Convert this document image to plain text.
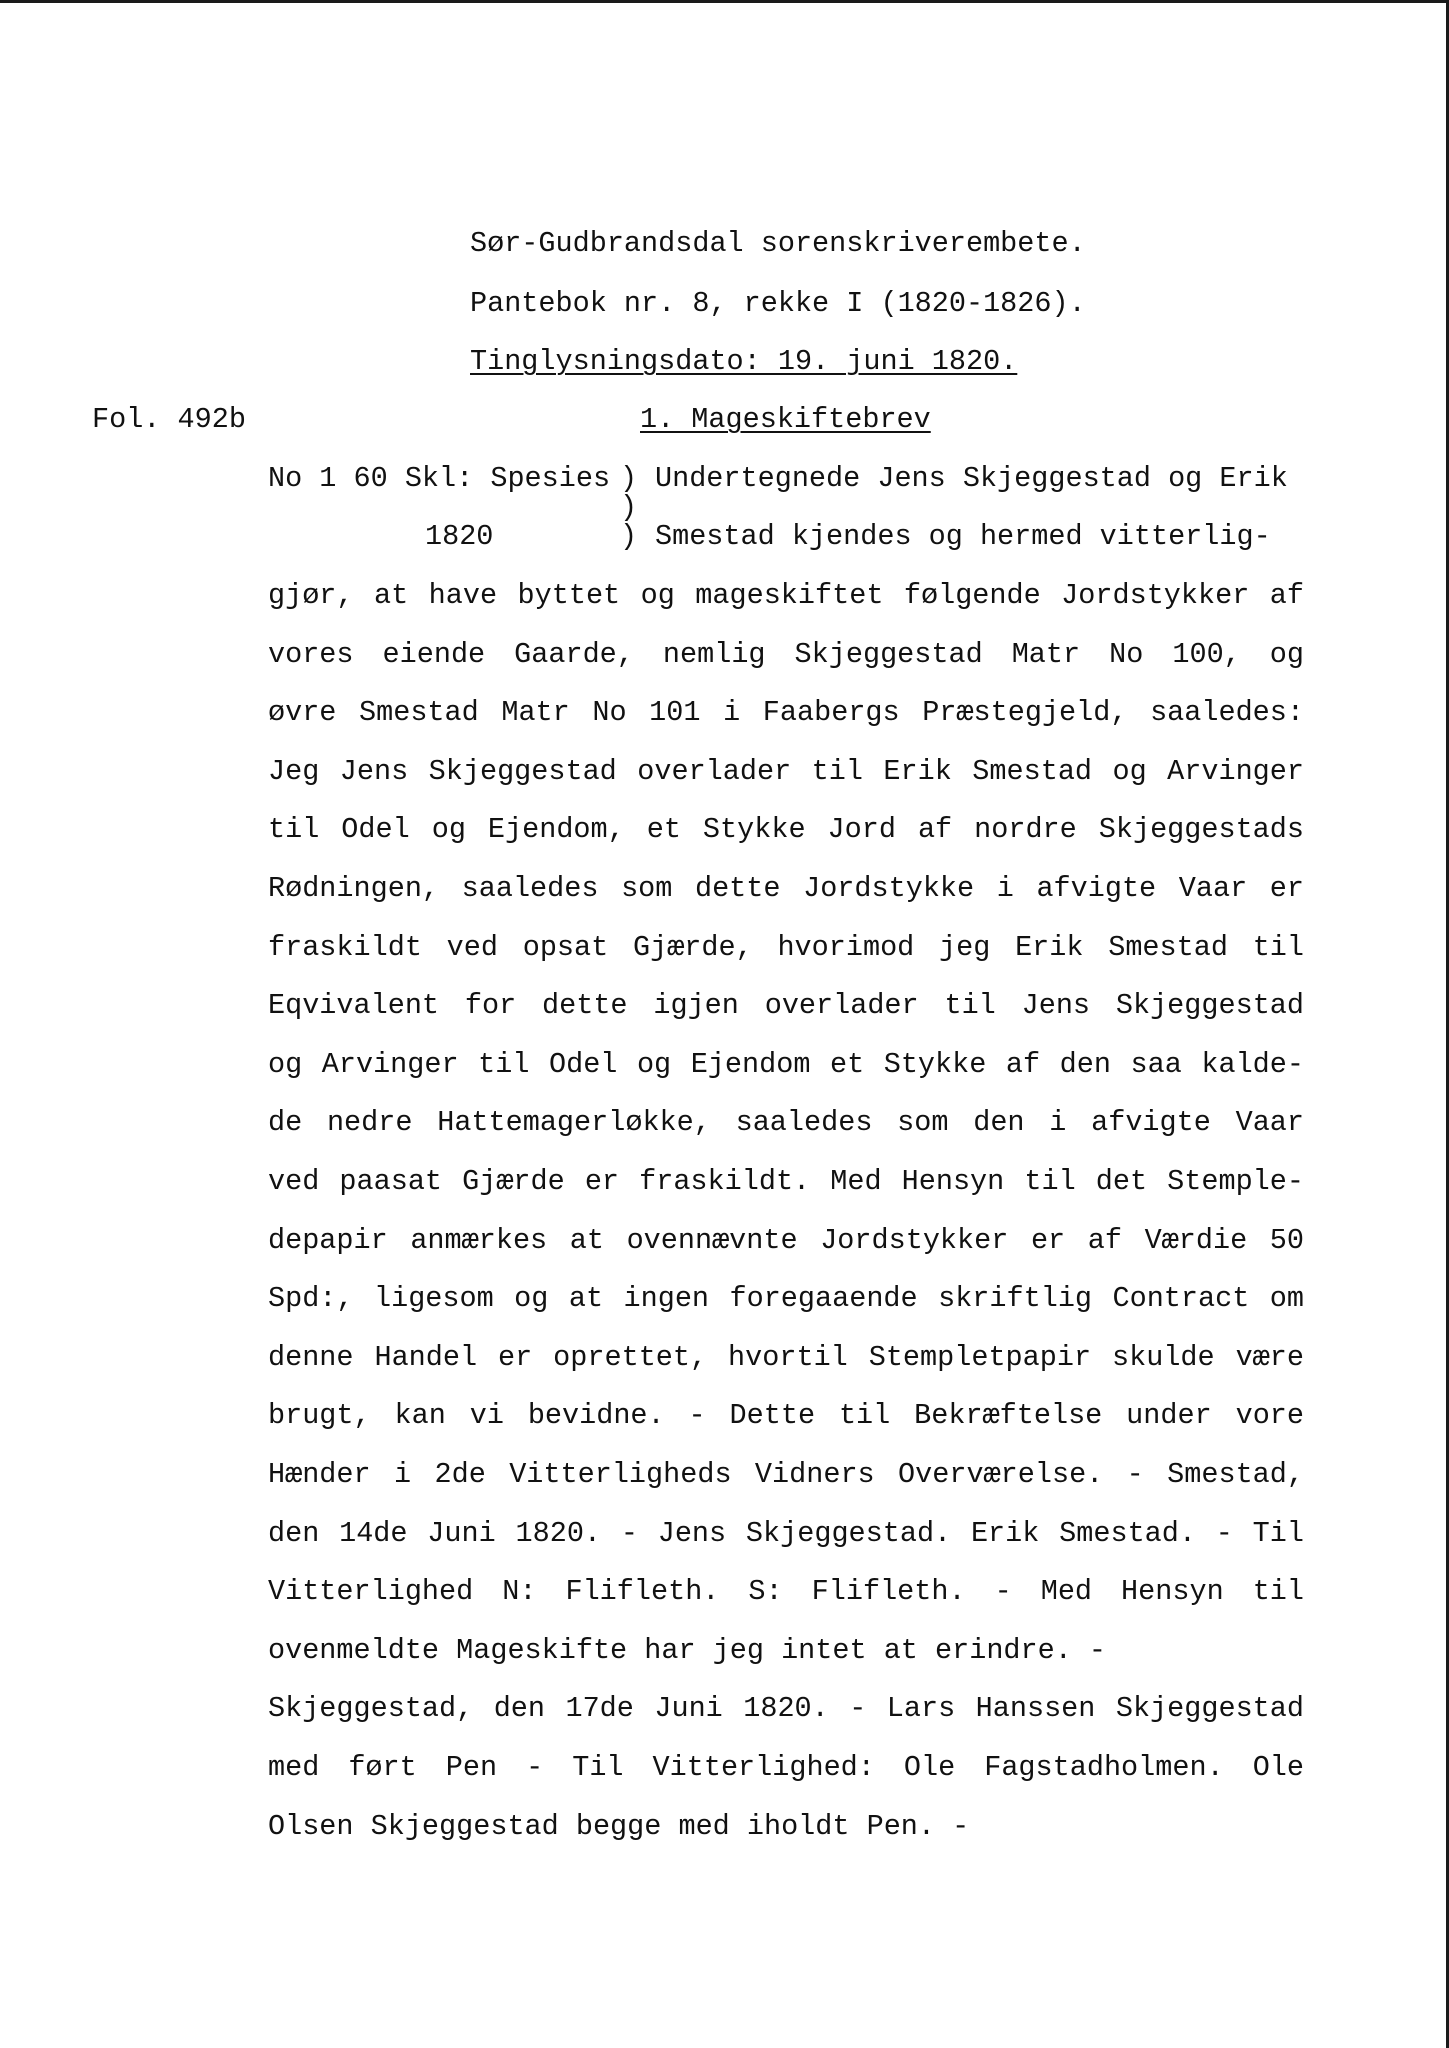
Sør-Gudbrandsdal sorenskriverembete.
Pantebok nr. 8, rekke I (1820-1826).
Tinglysningsdato: 19. juni 1820.
Fol. 492b	1. Mageskiftebrev
No 1 60 Skl: Spesies
1820
)
)
)
Undertegnede Jens Skjeggestad og Erik
Smestad kjendes og hermed vitterlig-
gjør, at have byttet og mageskiftet følgende Jordstykker af
vores eiende Gaarde, nemlig Skjeggestad Matr No 100, og
øvre Smestad Matr No 101 i Faabergs Præstegjeld, saaledes:
Jeg Jens Skjeggestad overlader til Erik Smestad og Arvinger
til Odel og Ejendom, et Stykke Jord af nordre Skjeggestads
Rødningen, saaledes som dette Jordstykke i afvigte Vaar er
fraskildt ved opsat Gjærde, hvorimod jeg Erik Smestad til
Eqvivalent for dette igjen overlader til Jens Skjeggestad
og Arvinger til Odel og Ejendom et Stykke af den saa kalde-
de nedre Hattemagerløkke, saaledes som den i afvigte Vaar
ved paasat Gjærde er fraskildt. Med Hensyn til det Stemple-
depapir anmærkes at ovennævnte Jordstykker er af Værdie 50
Spd:, ligesom og at ingen foregaaende skriftlig Contract om
denne Handel er oprettet, hvortil Stempletpapir skulde være
brugt, kan vi bevidne. - Dette til Bekræftelse under vore
Hænder i 2de Vitterligheds Vidners Overværelse. - Smestad,
den 14de Juni 1820. - Jens Skjeggestad. Erik Smestad. - Til
Vitterlighed N: Flifleth. S: Flifleth. - Med Hensyn til
ovenmeldte Mageskifte har jeg intet at erindre. -
Skjeggestad, den 17de Juni 1820. - Lars Hanssen Skjeggestad
med ført Pen - Til Vitterlighed: Ole Fagstadholmen. Ole
Olsen Skjeggestad begge med iholdt Pen. -
